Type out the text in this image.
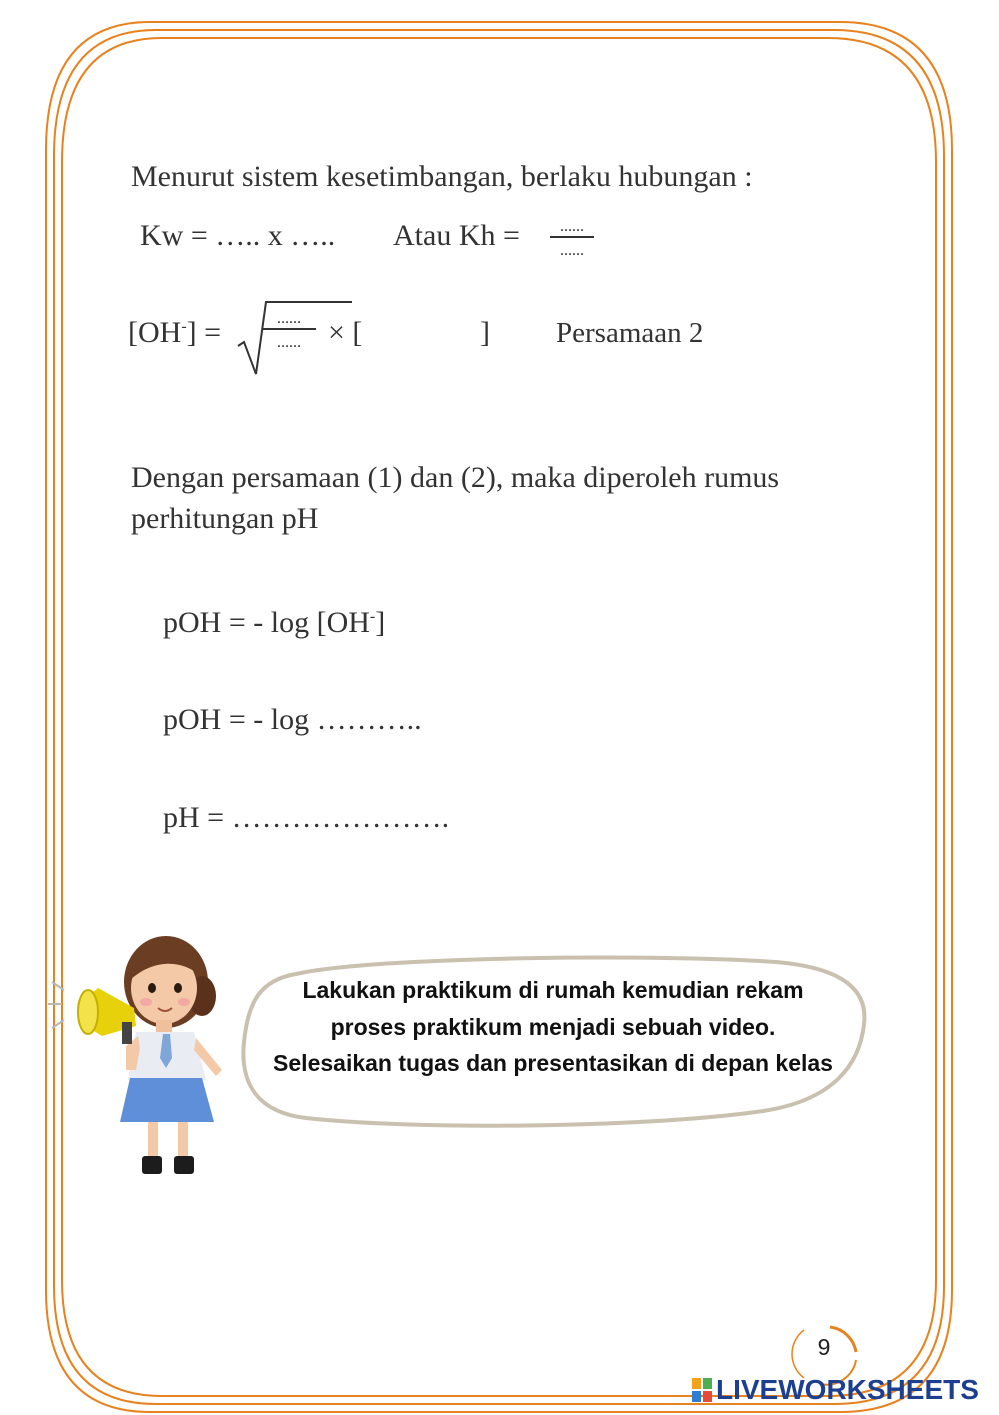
Menurut sistem kesetimbangan, berlaku hubungan :
Kw = ….. x ….. Atau Kh =	……
……
[OH-] =	……
…… × [	] Persamaan 2
Dengan persamaan (1) dan (2), maka diperoleh rumus
perhitungan pH
pOH = - log [OH-]
pOH = - log ………..
pH = ………………….
Lakukan praktikum di rumah kemudian rekam proses praktikum menjadi sebuah video. Selesaikan tugas dan presentasikan di depan kelas
9
LIVEWORKSHEETS
